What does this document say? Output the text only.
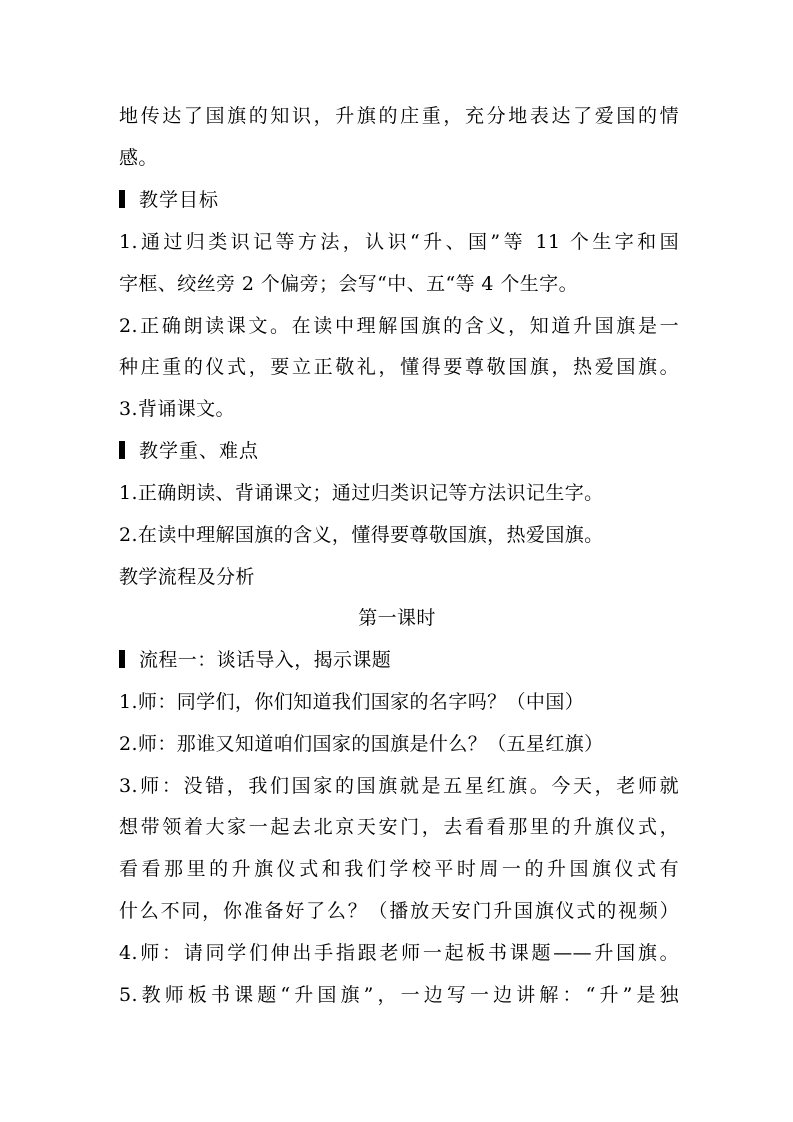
地传达了国旗的知识，升旗的庄重，充分地表达了爱国的情
感。
教学目标
1.通过归类识记等方法，认识“升、国”等 11 个生字和国
字框、绞丝旁 2 个偏旁；会写“中、五“等 4 个生字。
2.正确朗读课文。在读中理解国旗的含义，知道升国旗是一
种庄重的仪式，要立正敬礼，懂得要尊敬国旗，热爱国旗。
3.背诵课文。
教学重、难点
1.正确朗读、背诵课文；通过归类识记等方法识记生字。
2.在读中理解国旗的含义，懂得要尊敬国旗，热爱国旗。
教学流程及分析
第一课时
流程一：谈话导入，揭示课题
1.师：同学们，你们知道我们国家的名字吗？（中国）
2.师：那谁又知道咱们国家的国旗是什么？（五星红旗）
3.师：没错，我们国家的国旗就是五星红旗。今天，老师就
想带领着大家一起去北京天安门，去看看那里的升旗仪式，
看看那里的升旗仪式和我们学校平时周一的升国旗仪式有
什么不同，你准备好了么？（播放天安门升国旗仪式的视频）
4.师：请同学们伸出手指跟老师一起板书课题——升国旗。
5.教师板书课题“升国旗”，一边写一边讲解：“升”是独
